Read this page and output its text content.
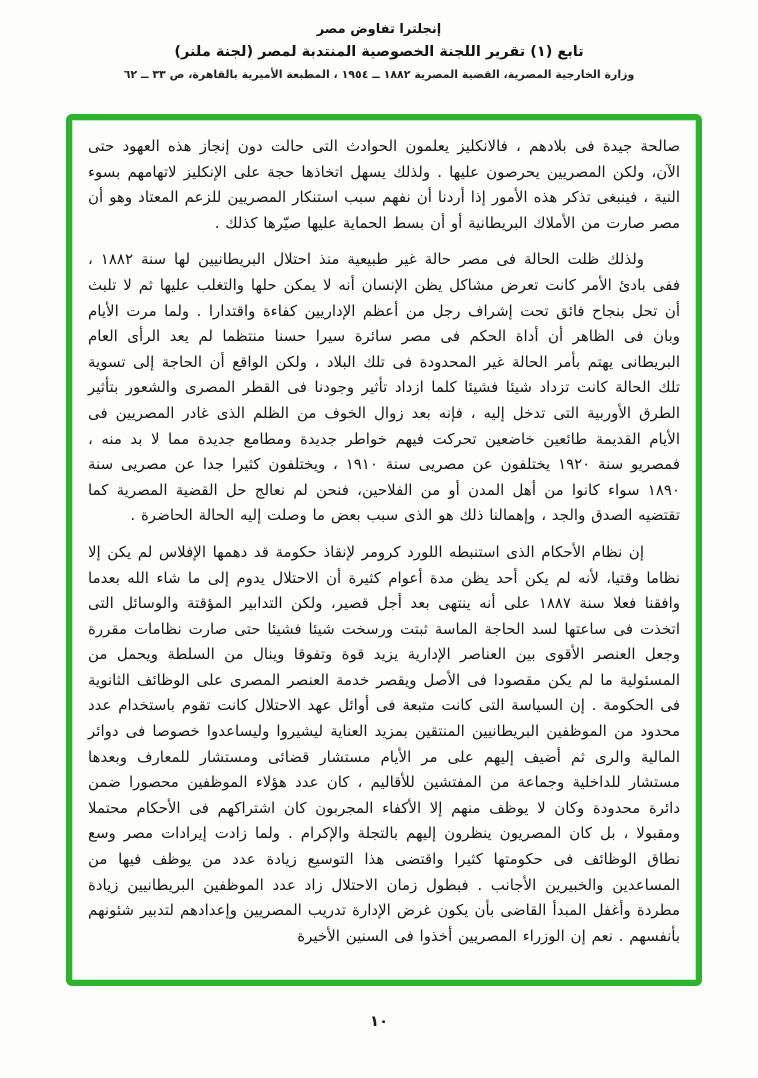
إنجلترا تفاوض مصر
تابع (١) تقرير اللجنة الخصوصية المنتدبة لمصر (لجنة ملنر)
وزارة الخارجية المصرية، القضية المصرية ١٨٨٢ ــ ١٩٥٤ ، المطبعة الأميرية بالقاهرة، ص ٣٣ ــ ٦٢

صالحة جيدة فى بلادهم ، فالانكليز يعلمون الحوادث التى حالت دون إنجاز هذه العهود حتى الآن، ولكن المصريين يحرصون عليها . ولذلك يسهل اتخاذها حجة على الإنكليز لاتهامهم بسوء النية ، فينبغى تذكر هذه الأمور إذا أردنا أن نفهم سبب استنكار المصريين للزعم المعتاد وهو أن مصر صارت من الأملاك البريطانية أو أن بسط الحماية عليها صيّرها كذلك .

ولذلك ظلت الحالة فى مصر حالة غير طبيعية منذ احتلال البريطانيين لها سنة ١٨٨٢ ، ففى بادئ الأمر كانت تعرض مشاكل يظن الإنسان أنه لا يمكن حلها والتغلب عليها ثم لا تلبث أن تحل بنجاح فائق تحت إشراف رجل من أعظم الإداريين كفاءة واقتدارا . ولما مرت الأيام وبان فى الظاهر أن أداة الحكم فى مصر سائرة سيرا حسنا منتظما لم يعد الرأى العام البريطانى يهتم بأمر الحالة غير المحدودة فى تلك البلاد ، ولكن الواقع أن الحاجة إلى تسوية تلك الحالة كانت تزداد شيئا فشيئا كلما ازداد تأثير وجودنا فى القطر المصرى والشعور بتأثير الطرق الأوربية التى تدخل إليه ، فإنه بعد زوال الخوف من الظلم الذى غادر المصريين فى الأيام القديمة طائعين خاضعين تحركت فيهم خواطر جديدة ومطامع جديدة مما لا بد منه ، فمصريو سنة ١٩٢٠ يختلفون عن مصريى سنة ١٩١٠ ، ويختلفون كثيرا جدا عن مصريى سنة ١٨٩٠ سواء كانوا من أهل المدن أو من الفلاحين، فنحن لم نعالج حل القضية المصرية كما تقتضيه الصدق والجد ، وإهمالنا ذلك هو الذى سبب بعض ما وصلت إليه الحالة الحاضرة .

إن نظام الأحكام الذى استنبطه اللورد كرومر لإنقاذ حكومة قد دهمها الإفلاس لم يكن إلا نظاما وقتيا، لأنه لم يكن أحد يظن مدة أعوام كثيرة أن الاحتلال يدوم إلى ما شاء الله بعدما وافقنا فعلا سنة ١٨٨٧ على أنه ينتهى بعد أجل قصير، ولكن التدابير المؤقتة والوسائل التى اتخذت فى ساعتها لسد الحاجة الماسة ثبتت ورسخت شيئا فشيئا حتى صارت نظامات مقررة وجعل العنصر الأقوى بين العناصر الإدارية يزيد قوة وتفوقا وينال من السلطة ويحمل من المسئولية ما لم يكن مقصودا فى الأصل ويقصر خدمة العنصر المصرى على الوظائف الثانوية فى الحكومة . إن السياسة التى كانت متبعة فى أوائل عهد الاحتلال كانت تقوم باستخدام عدد محدود من الموظفين البريطانيين المنتقين بمزيد العناية ليشيروا وليساعدوا خصوصا فى دوائر المالية والرى ثم أضيف إليهم على مر الأيام مستشار قضائى ومستشار للمعارف وبعدها مستشار للداخلية وجماعة من المفتشين للأقاليم ، كان عدد هؤلاء الموظفين محصورا ضمن دائرة محدودة وكان لا يوظف منهم إلا الأكفاء المجربون كان اشتراكهم فى الأحكام محتملا ومقبولا ، بل كان المصريون ينظرون إليهم بالتجلة والإكرام . ولما زادت إيرادات مصر وسع نطاق الوظائف فى حكومتها كثيرا واقتضى هذا التوسيع زيادة عدد من يوظف فيها من المساعدين والخبيرين الأجانب . فبطول زمان الاحتلال زاد عدد الموظفين البريطانيين زيادة مطردة وأغفل المبدأ القاضى بأن يكون غرض الإدارة تدريب المصريين وإعدادهم لتدبير شئونهم بأنفسهم . نعم إن الوزراء المصريين أخذوا فى السنين الأخيرة

١٠
